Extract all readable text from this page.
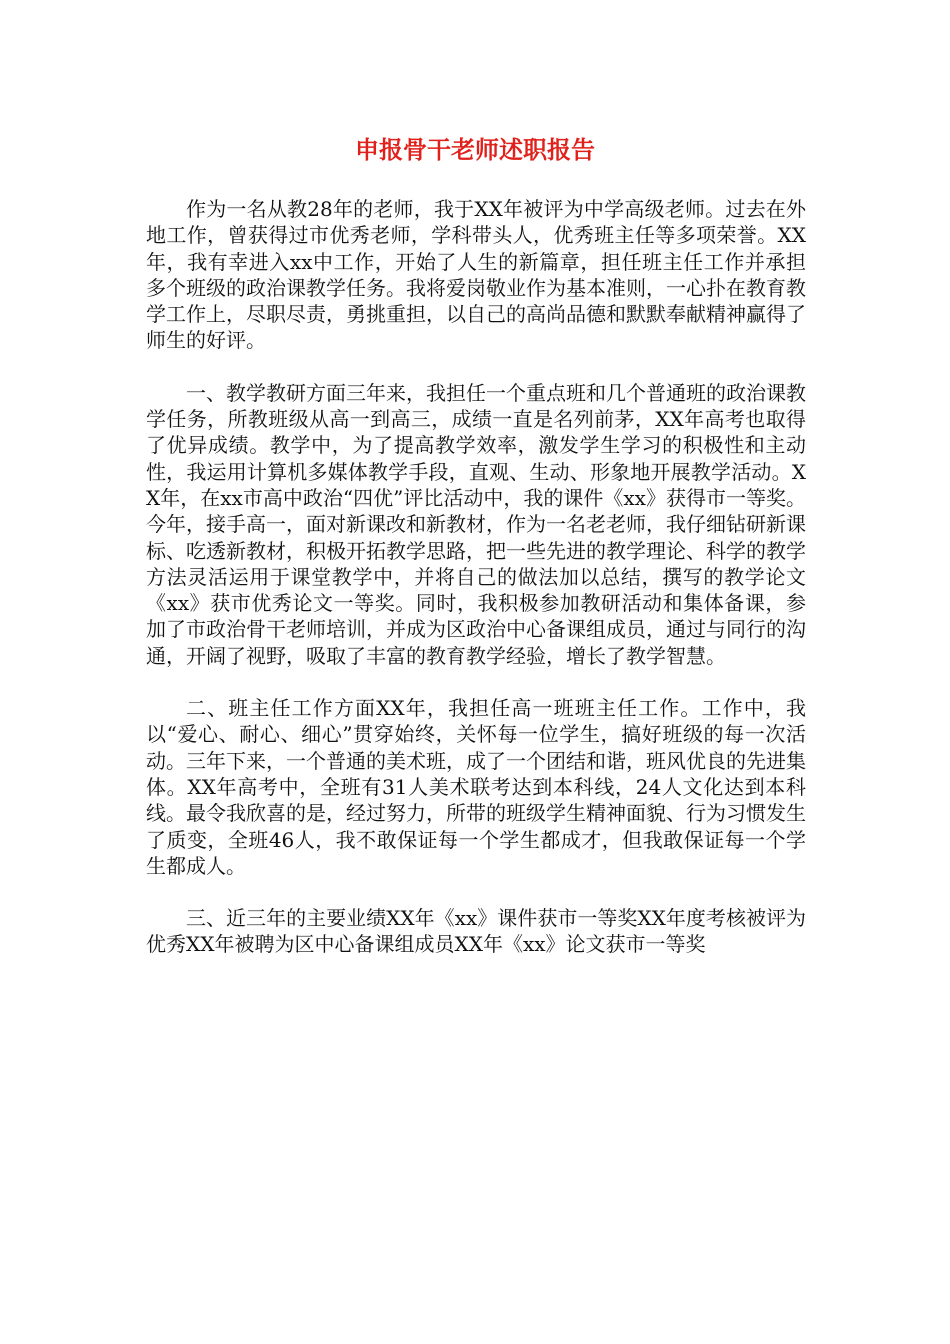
申报骨干老师述职报告

作为一名从教28年的老师，我于XX年被评为中学高级老师。过去在外地工作，曾获得过市优秀老师，学科带头人，优秀班主任等多项荣誉。XX年，我有幸进入xx中工作，开始了人生的新篇章，担任班主任工作并承担多个班级的政治课教学任务。我将爱岗敬业作为基本准则，一心扑在教育教学工作上，尽职尽责，勇挑重担，以自己的高尚品德和默默奉献精神赢得了师生的好评。

一、教学教研方面三年来，我担任一个重点班和几个普通班的政治课教学任务，所教班级从高一到高三，成绩一直是名列前茅，XX年高考也取得了优异成绩。教学中，为了提高教学效率，激发学生学习的积极性和主动性，我运用计算机多媒体教学手段，直观、生动、形象地开展教学活动。XX年，在xx市高中政治“四优”评比活动中，我的课件《xx》获得市一等奖。今年，接手高一，面对新课改和新教材，作为一名老老师，我仔细钻研新课标、吃透新教材，积极开拓教学思路，把一些先进的教学理论、科学的教学方法灵活运用于课堂教学中，并将自己的做法加以总结，撰写的教学论文《xx》获市优秀论文一等奖。同时，我积极参加教研活动和集体备课，参加了市政治骨干老师培训，并成为区政治中心备课组成员，通过与同行的沟通，开阔了视野，吸取了丰富的教育教学经验，增长了教学智慧。

二、班主任工作方面XX年，我担任高一班班主任工作。工作中，我以“爱心、耐心、细心”贯穿始终，关怀每一位学生，搞好班级的每一次活动。三年下来，一个普通的美术班，成了一个团结和谐，班风优良的先进集体。XX年高考中，全班有31人美术联考达到本科线，24人文化达到本科线。最令我欣喜的是，经过努力，所带的班级学生精神面貌、行为习惯发生了质变，全班46人，我不敢保证每一个学生都成才，但我敢保证每一个学生都成人。

三、近三年的主要业绩XX年《xx》课件获市一等奖XX年度考核被评为优秀XX年被聘为区中心备课组成员XX年《xx》论文获市一等奖
